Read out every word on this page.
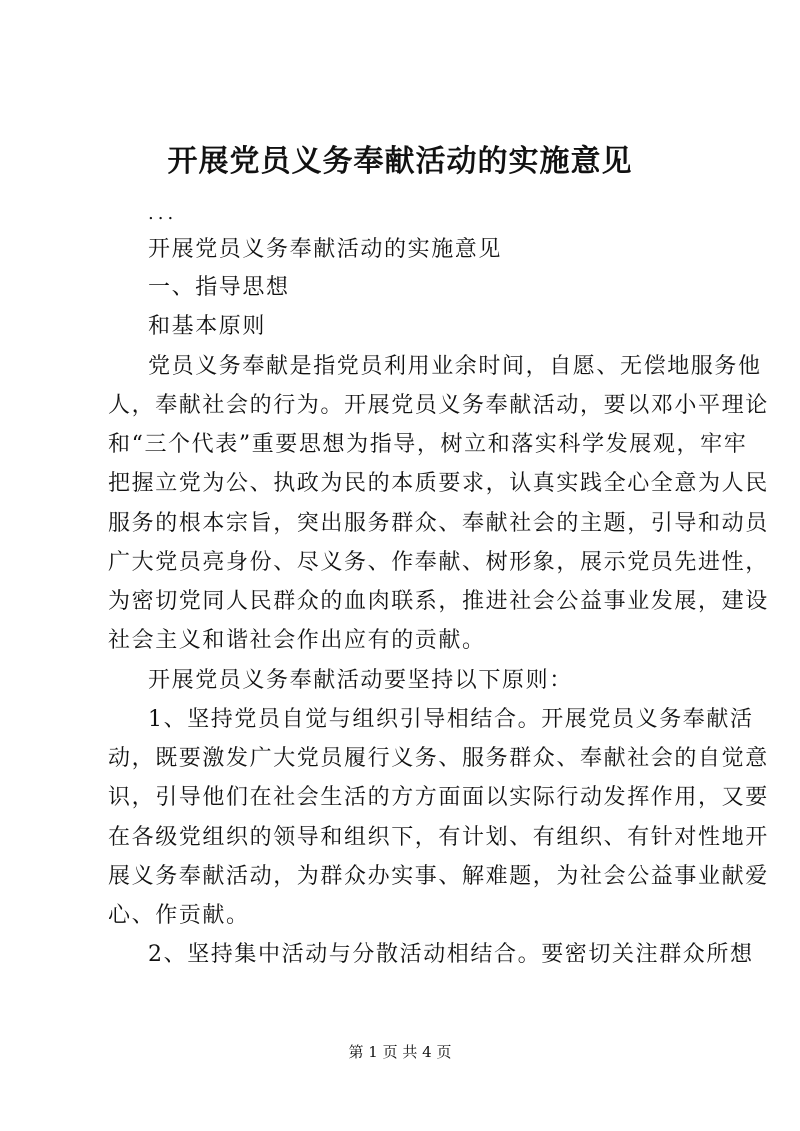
开展党员义务奉献活动的实施意见

...

开展党员义务奉献活动的实施意见

一、指导思想

和基本原则

党员义务奉献是指党员利用业余时间，自愿、无偿地服务他

人，奉献社会的行为。开展党员义务奉献活动，要以邓小平理论

和“三个代表”重要思想为指导，树立和落实科学发展观，牢牢

把握立党为公、执政为民的本质要求，认真实践全心全意为人民

服务的根本宗旨，突出服务群众、奉献社会的主题，引导和动员

广大党员亮身份、尽义务、作奉献、树形象，展示党员先进性，

为密切党同人民群众的血肉联系，推进社会公益事业发展，建设

社会主义和谐社会作出应有的贡献。

开展党员义务奉献活动要坚持以下原则：

1、坚持党员自觉与组织引导相结合。开展党员义务奉献活

动，既要激发广大党员履行义务、服务群众、奉献社会的自觉意

识，引导他们在社会生活的方方面面以实际行动发挥作用，又要

在各级党组织的领导和组织下，有计划、有组织、有针对性地开

展义务奉献活动，为群众办实事、解难题，为社会公益事业献爱

心、作贡献。

2、坚持集中活动与分散活动相结合。要密切关注群众所想

第 1 页 共 4 页
